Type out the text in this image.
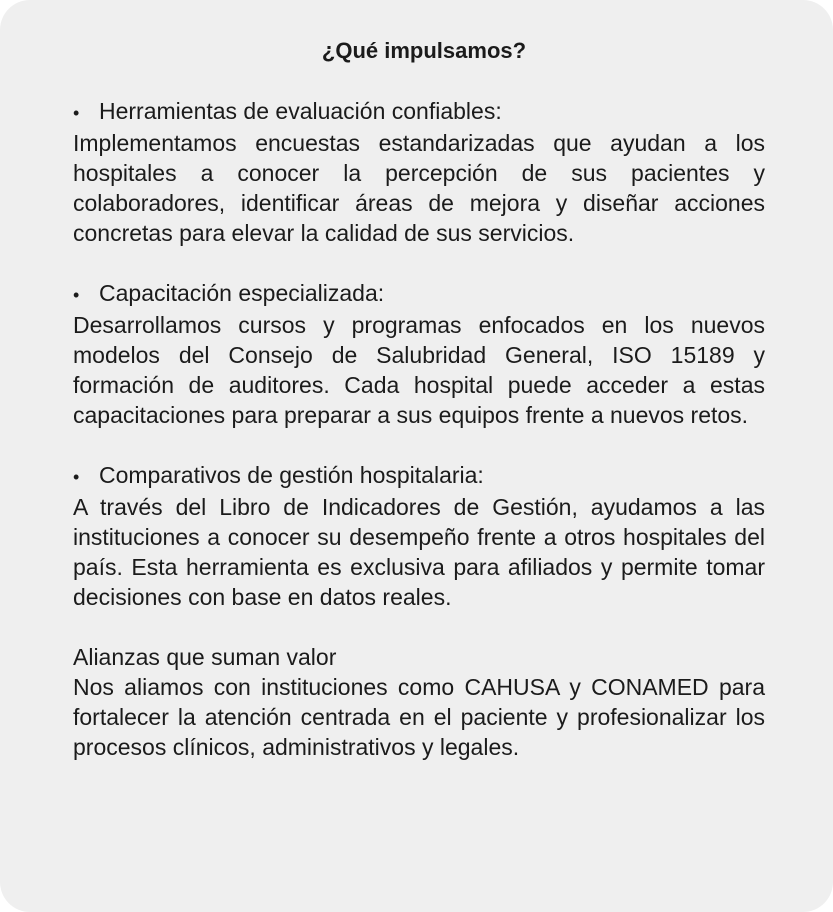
¿Qué impulsamos?
• Herramientas de evaluación confiables:

Implementamos encuestas estandarizadas que ayudan a los hospitales a conocer la percepción de sus pacientes y colaboradores, identificar áreas de mejora y diseñar acciones concretas para elevar la calidad de sus servicios.

• Capacitación especializada:

Desarrollamos cursos y programas enfocados en los nuevos modelos del Consejo de Salubridad General, ISO 15189 y formación de auditores. Cada hospital puede acceder a estas capacitaciones para preparar a sus equipos frente a nuevos retos.

• Comparativos de gestión hospitalaria:

A través del Libro de Indicadores de Gestión, ayudamos a las instituciones a conocer su desempeño frente a otros hospitales del país. Esta herramienta es exclusiva para afiliados y permite tomar decisiones con base en datos reales.

Alianzas que suman valor

Nos aliamos con instituciones como CAHUSA y CONAMED para fortalecer la atención centrada en el paciente y profesionalizar los procesos clínicos, administrativos y legales.
